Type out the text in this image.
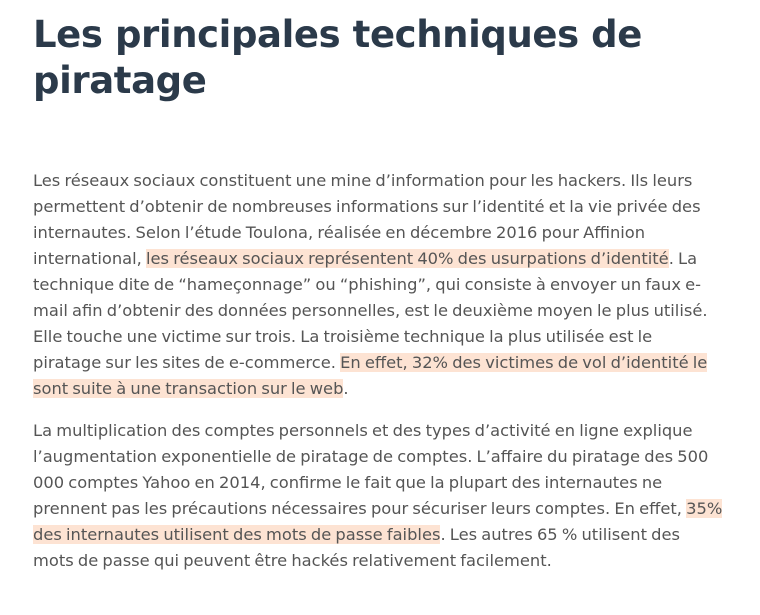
Les principales techniques de piratage

Les réseaux sociaux constituent une mine d’information pour les hackers. Ils leurs permettent d’obtenir de nombreuses informations sur l’identité et la vie privée des internautes. Selon l’étude Toulona, réalisée en décembre 2016 pour Affinion international, les réseaux sociaux représentent 40% des usurpations d’identité. La technique dite de “hameçonnage” ou “phishing”, qui consiste à envoyer un faux e-mail afin d’obtenir des données personnelles, est le deuxième moyen le plus utilisé. Elle touche une victime sur trois. La troisième technique la plus utilisée est le piratage sur les sites de e-commerce. En effet, 32% des victimes de vol d’identité le sont suite à une transaction sur le web.

La multiplication des comptes personnels et des types d’activité en ligne explique l’augmentation exponentielle de piratage de comptes. L’affaire du piratage des 500 000 comptes Yahoo en 2014, confirme le fait que la plupart des internautes ne prennent pas les précautions nécessaires pour sécuriser leurs comptes. En effet, 35% des internautes utilisent des mots de passe faibles. Les autres 65 % utilisent des mots de passe qui peuvent être hackés relativement facilement.
